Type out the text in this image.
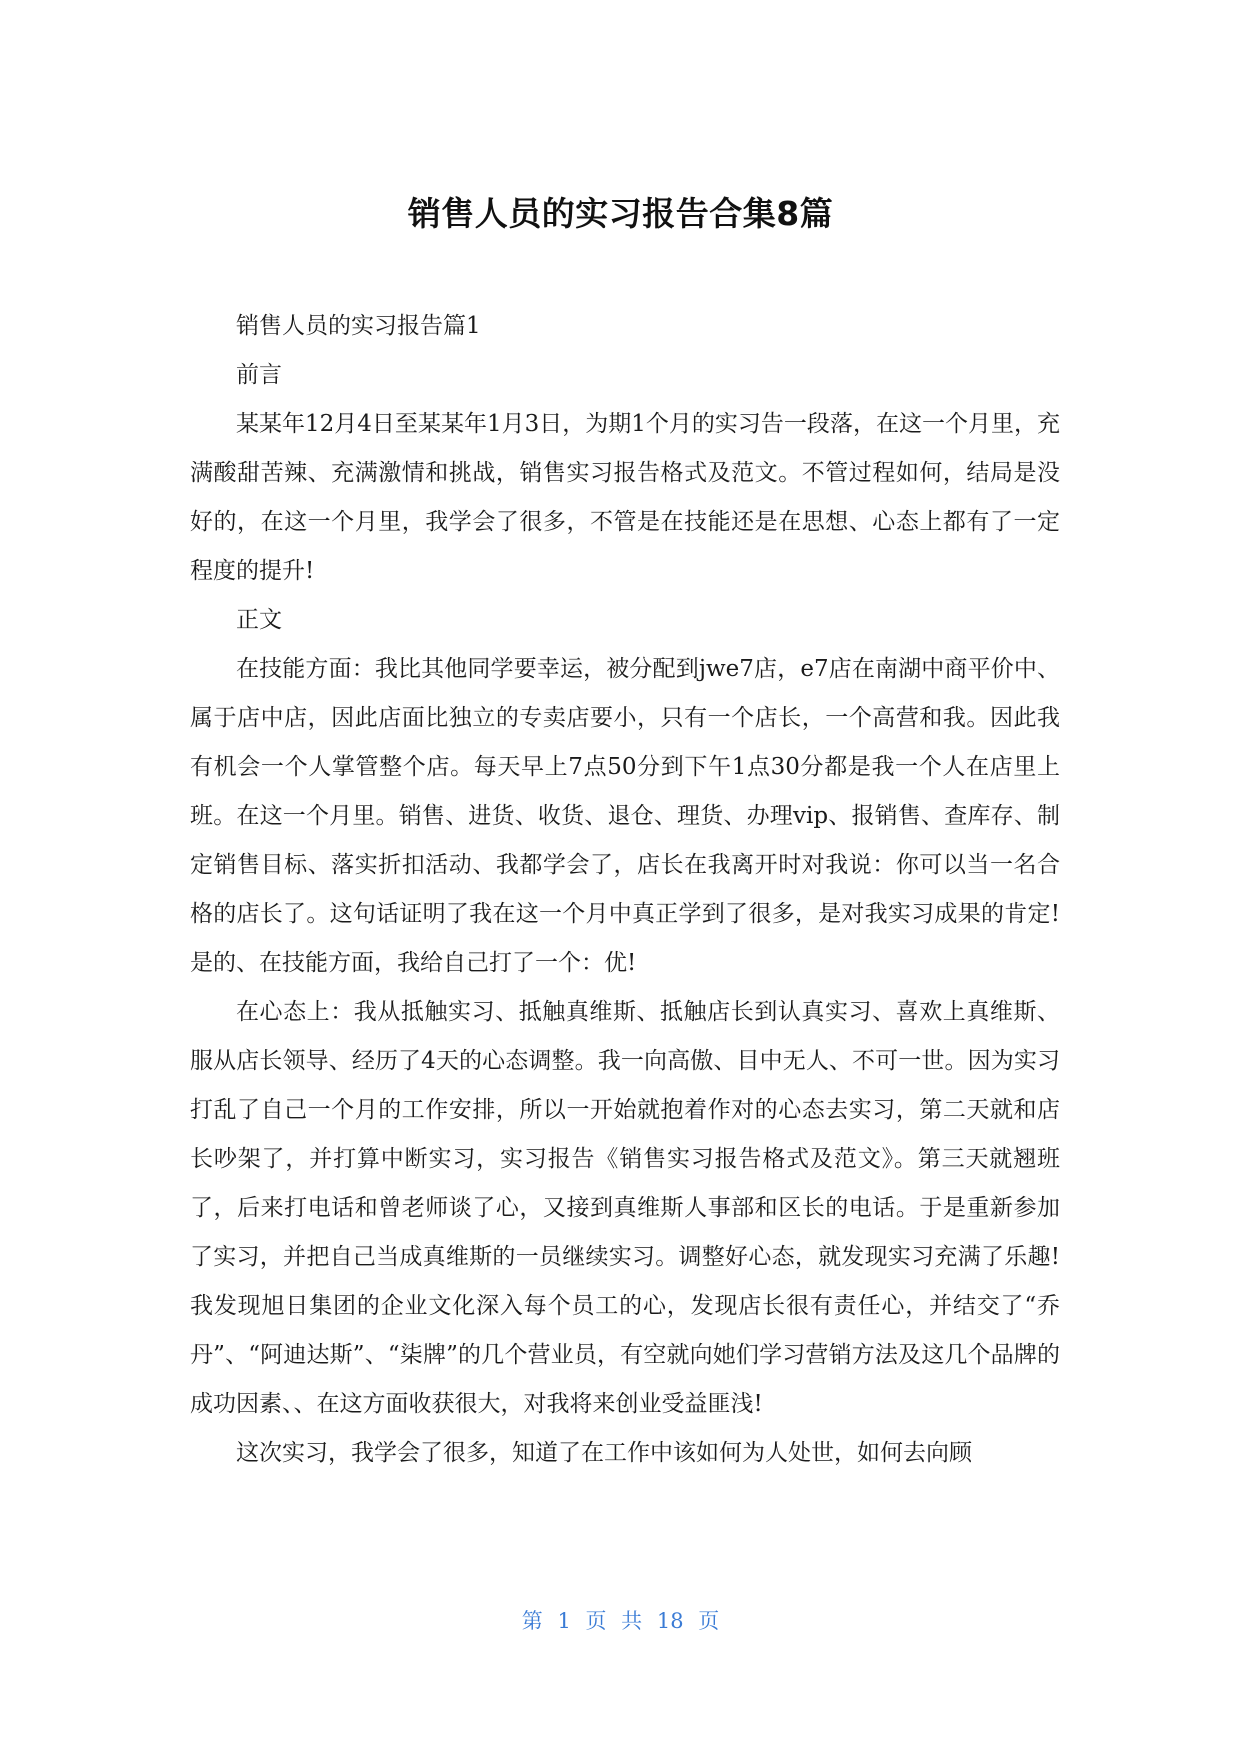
销售人员的实习报告合集8篇

销售人员的实习报告篇1

前言

某某年12月4日至某某年1月3日，为期1个月的实习告一段落，在这一个月里，充满酸甜苦辣、充满激情和挑战，销售实习报告格式及范文。不管过程如何，结局是没好的，在这一个月里，我学会了很多，不管是在技能还是在思想、心态上都有了一定程度的提升!

正文

在技能方面：我比其他同学要幸运，被分配到jwe7店，e7店在南湖中商平价中、属于店中店，因此店面比独立的专卖店要小，只有一个店长，一个高营和我。因此我有机会一个人掌管整个店。每天早上7点50分到下午1点30分都是我一个人在店里上班。在这一个月里。销售、进货、收货、退仓、理货、办理vip、报销售、查库存、制定销售目标、落实折扣活动、我都学会了，店长在我离开时对我说：你可以当一名合格的店长了。这句话证明了我在这一个月中真正学到了很多，是对我实习成果的肯定!是的、在技能方面，我给自己打了一个：优!

在心态上：我从抵触实习、抵触真维斯、抵触店长到认真实习、喜欢上真维斯、服从店长领导、经历了4天的心态调整。我一向高傲、目中无人、不可一世。因为实习打乱了自己一个月的工作安排，所以一开始就抱着作对的心态去实习，第二天就和店长吵架了，并打算中断实习，实习报告《销售实习报告格式及范文》。第三天就翘班了，后来打电话和曾老师谈了心，又接到真维斯人事部和区长的电话。于是重新参加了实习，并把自己当成真维斯的一员继续实习。调整好心态，就发现实习充满了乐趣!我发现旭日集团的企业文化深入每个员工的心，发现店长很有责任心，并结交了“乔丹”、“阿迪达斯”、“柒牌”的几个营业员，有空就向她们学习营销方法及这几个品牌的成功因素、、在这方面收获很大，对我将来创业受益匪浅!

这次实习，我学会了很多，知道了在工作中该如何为人处世，如何去向顾

第 1 页 共 18 页
